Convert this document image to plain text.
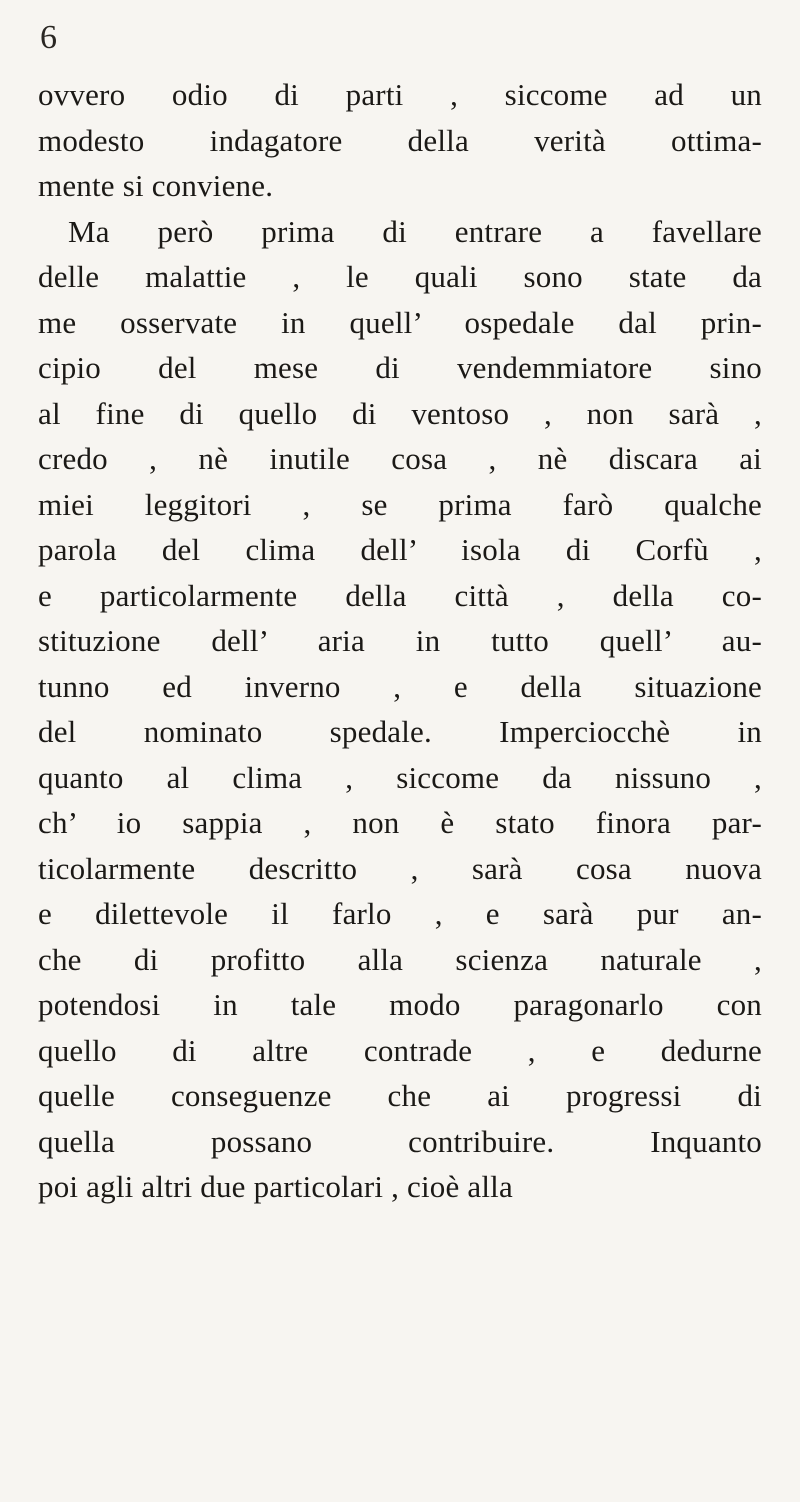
6
ovvero odio di parti , siccome ad un
modesto indagatore della verità ottima-
mente si conviene.
Ma però prima di entrare a favellare
delle malattie , le quali sono state da
me osservate in quell’ ospedale dal prin-
cipio del mese di vendemmiatore sino
al fine di quello di ventoso , non sarà ,
credo , nè inutile cosa , nè discara ai
miei leggitori , se prima farò qualche
parola del clima dell’ isola di Corfù ,
e particolarmente della città , della co-
stituzione dell’ aria in tutto quell’ au-
tunno ed inverno , e della situazione
del nominato spedale. Imperciocchè in
quanto al clima , siccome da nissuno ,
ch’ io sappia , non è stato finora par-
ticolarmente descritto , sarà cosa nuova
e dilettevole il farlo , e sarà pur an-
che di profitto alla scienza naturale ,
potendosi in tale modo paragonarlo con
quello di altre contrade , e dedurne
quelle conseguenze che ai progressi di
quella possano contribuire. Inquanto
poi agli altri due particolari , cioè alla
